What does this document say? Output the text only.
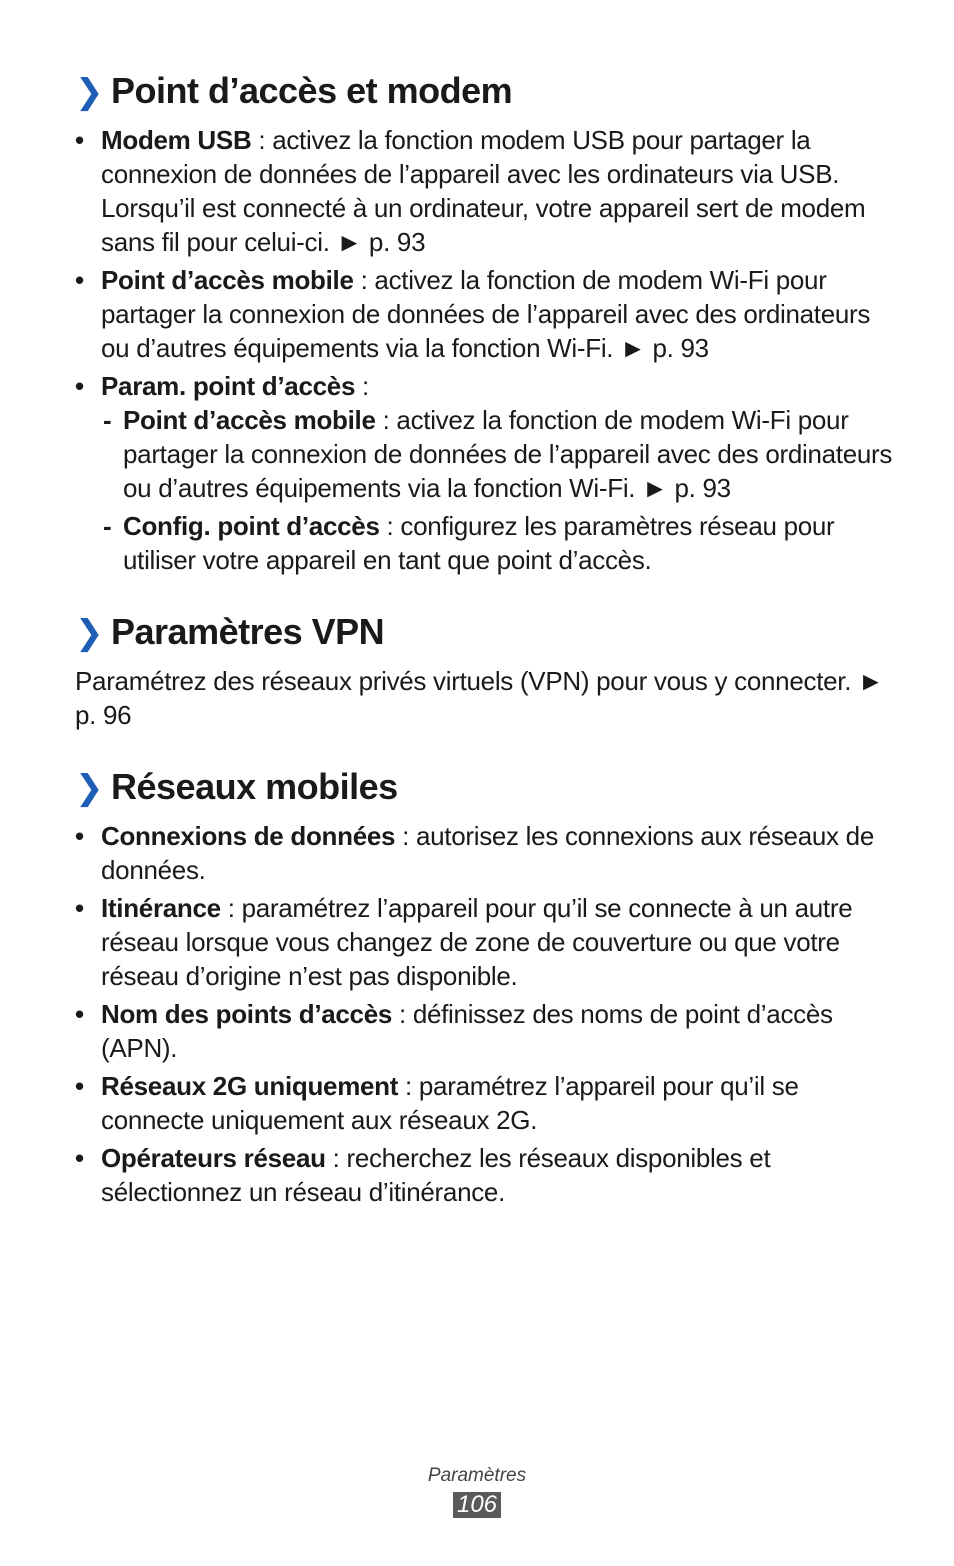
❯ Point d’accès et modem
• Modem USB : activez la fonction modem USB pour partager la connexion de données de l’appareil avec les ordinateurs via USB. Lorsqu’il est connecté à un ordinateur, votre appareil sert de modem sans fil pour celui-ci. ► p. 93
• Point d’accès mobile : activez la fonction de modem Wi-Fi pour partager la connexion de données de l’appareil avec des ordinateurs ou d’autres équipements via la fonction Wi-Fi. ► p. 93
• Param. point d’accès :
- Point d’accès mobile : activez la fonction de modem Wi-Fi pour partager la connexion de données de l’appareil avec des ordinateurs ou d’autres équipements via la fonction Wi-Fi. ► p. 93
- Config. point d’accès : configurez les paramètres réseau pour utiliser votre appareil en tant que point d’accès.
❯ Paramètres VPN

Paramétrez des réseaux privés virtuels (VPN) pour vous y connecter. ► p. 96

❯ Réseaux mobiles
• Connexions de données : autorisez les connexions aux réseaux de données.
• Itinérance : paramétrez l’appareil pour qu’il se connecte à un autre réseau lorsque vous changez de zone de couverture ou que votre réseau d’origine n’est pas disponible.
• Nom des points d’accès : définissez des noms de point d’accès (APN).
• Réseaux 2G uniquement : paramétrez l’appareil pour qu’il se connecte uniquement aux réseaux 2G.
• Opérateurs réseau : recherchez les réseaux disponibles et sélectionnez un réseau d’itinérance.
Paramètres
106
